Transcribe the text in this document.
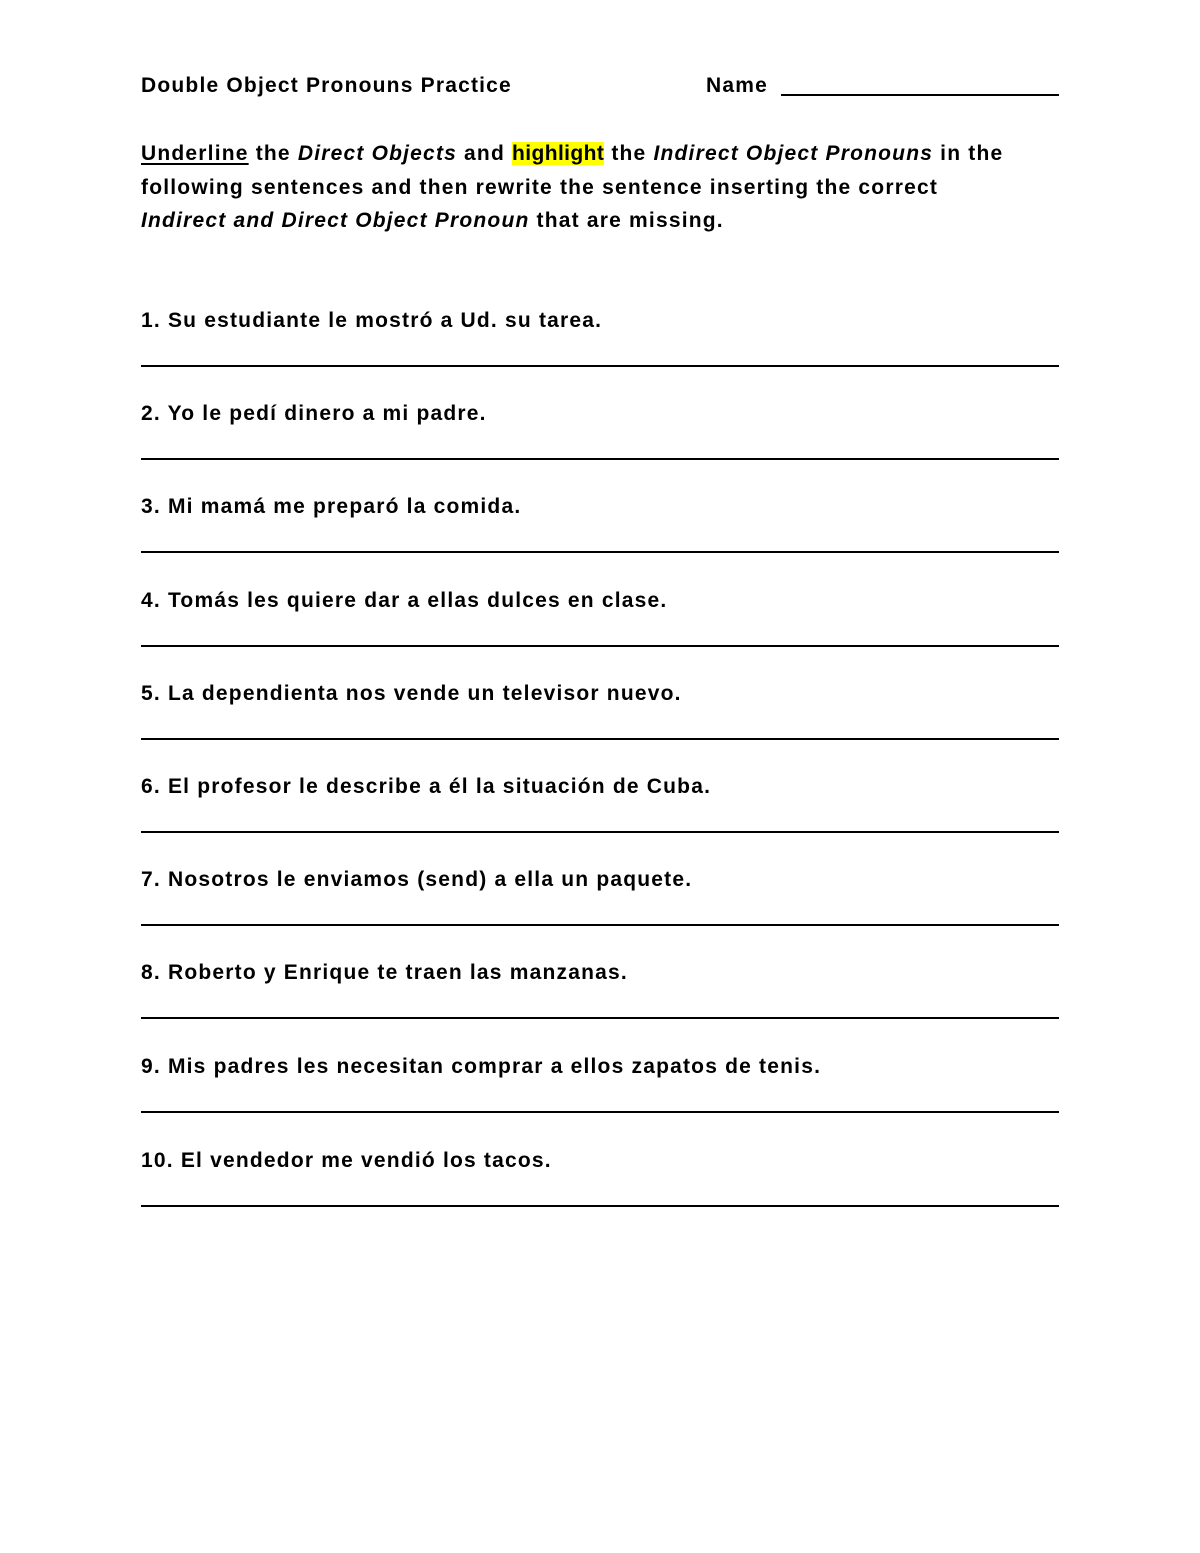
Double Object Pronouns Practice	Name
Underline the Direct Objects and highlight the Indirect Object Pronouns in the following sentences and then rewrite the sentence inserting the correct Indirect and Direct Object Pronoun that are missing.
1. Su estudiante le mostró a Ud. su tarea.
2. Yo le pedí dinero a mi padre.
3. Mi mamá me preparó la comida.
4. Tomás les quiere dar a ellas dulces en clase.
5. La dependienta nos vende un televisor nuevo.
6. El profesor le describe a él la situación de Cuba.
7. Nosotros le enviamos (send) a ella un paquete.
8. Roberto y Enrique te traen las manzanas.
9. Mis padres les necesitan comprar a ellos zapatos de tenis.
10. El vendedor me vendió los tacos.
